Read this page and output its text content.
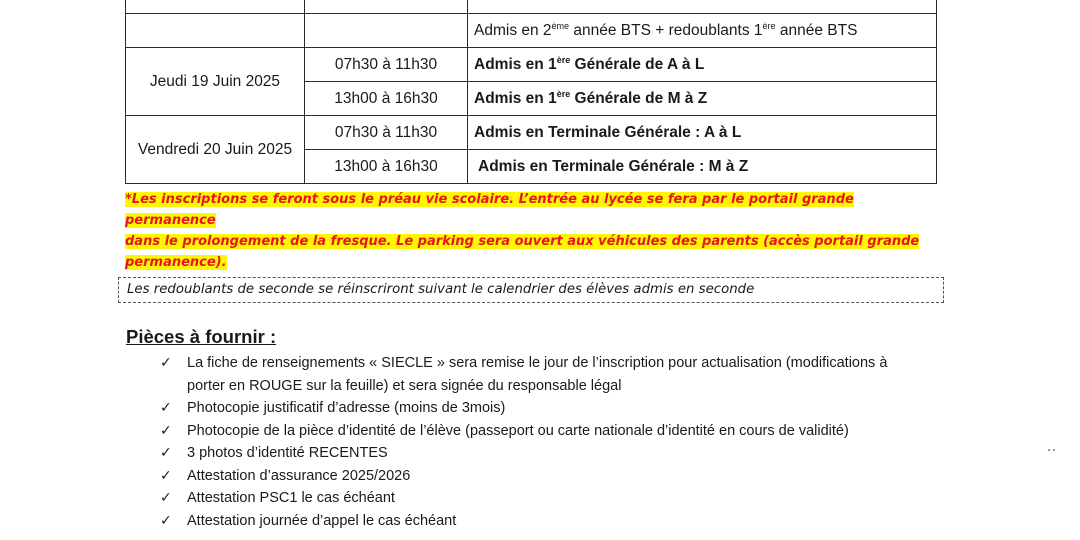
		Admis en 2ème année BTS + redoublants 1ère année BTS
Jeudi 19 Juin 2025	07h30 à 11h30	Admis en 1ère Générale de A à L
	13h00 à 16h30	Admis en 1ère Générale de M à Z
Vendredi 20 Juin 2025	07h30 à 11h30	Admis en Terminale Générale : A à L
	13h00 à 16h30	Admis en Terminale Générale : M à Z
*Les inscriptions se feront sous le préau vie scolaire. L’entrée au lycée se fera par le portail grande permanence
dans le prolongement de la fresque. Le parking sera ouvert aux véhicules des parents (accès portail grande
permanence).
Les redoublants de seconde se réinscriront suivant le calendrier des élèves admis en seconde
Pièces à fournir :
✓ La fiche de renseignements « SIECLE » sera remise le jour de l’inscription pour actualisation (modifications à
porter en ROUGE sur la feuille) et sera signée du responsable légal
✓ Photocopie justificatif d’adresse (moins de 3mois)
✓ Photocopie de la pièce d’identité de l’élève (passeport ou carte nationale d’identité en cours de validité)
✓ 3 photos d’identité RECENTES
✓ Attestation d’assurance 2025/2026
✓ Attestation PSC1 le cas échéant
✓ Attestation journée d’appel le cas échéant
